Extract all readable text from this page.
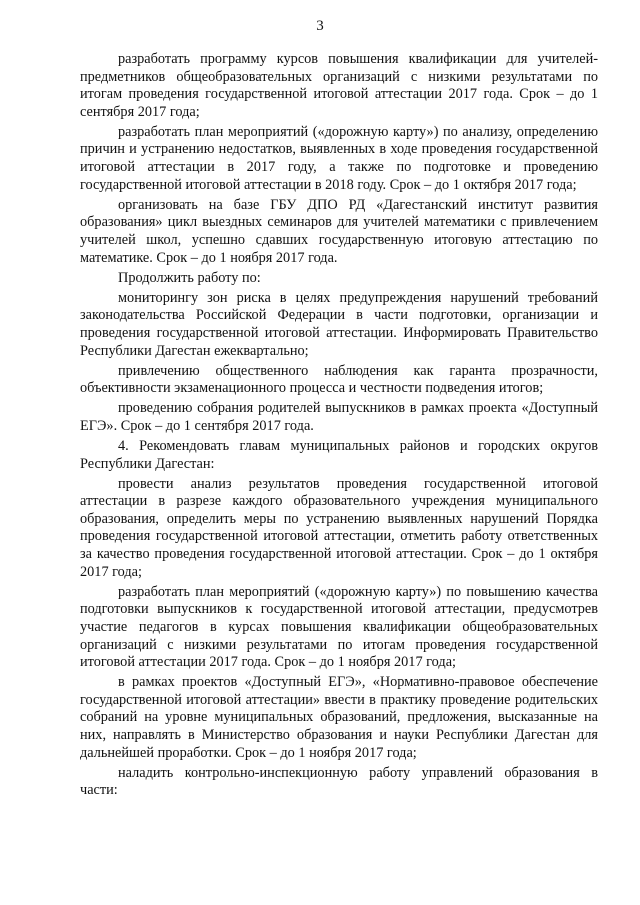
3

разработать программу курсов повышения квалификации для учителей-предметников общеобразовательных организаций с низкими результатами по итогам проведения государственной итоговой аттестации 2017 года. Срок – до 1 сентября 2017 года;

разработать план мероприятий («дорожную карту») по анализу, определению причин и устранению недостатков, выявленных в ходе проведения государственной итоговой аттестации в 2017 году, а также по подготовке и проведению государственной итоговой аттестации в 2018 году. Срок – до 1 октября 2017 года;

организовать на базе ГБУ ДПО РД «Дагестанский институт развития образования» цикл выездных семинаров для учителей математики с привлечением учителей школ, успешно сдавших государственную итоговую аттестацию по математике. Срок – до 1 ноября 2017 года.

Продолжить работу по:

мониторингу зон риска в целях предупреждения нарушений требований законодательства Российской Федерации в части подготовки, организации и проведения государственной итоговой аттестации. Информировать Правительство Республики Дагестан ежеквартально;

привлечению общественного наблюдения как гаранта прозрачности, объективности экзаменационного процесса и честности подведения итогов;

проведению собрания родителей выпускников в рамках проекта «Доступный ЕГЭ». Срок – до 1 сентября 2017 года.

4. Рекомендовать главам муниципальных районов и городских округов Республики Дагестан:

провести анализ результатов проведения государственной итоговой аттестации в разрезе каждого образовательного учреждения муниципального образования, определить меры по устранению выявленных нарушений Порядка проведения государственной итоговой аттестации, отметить работу ответственных за качество проведения государственной итоговой аттестации. Срок – до 1 октября 2017 года;

разработать план мероприятий («дорожную карту») по повышению качества подготовки выпускников к государственной итоговой аттестации, предусмотрев участие педагогов в курсах повышения квалификации общеобразовательных организаций с низкими результатами по итогам проведения государственной итоговой аттестации 2017 года. Срок – до 1 ноября 2017 года;

в рамках проектов «Доступный ЕГЭ», «Нормативно-правовое обеспечение государственной итоговой аттестации» ввести в практику проведение родительских собраний на уровне муниципальных образований, предложения, высказанные на них, направлять в Министерство образования и науки Республики Дагестан для дальнейшей проработки. Срок – до 1 ноября 2017 года;

наладить контрольно-инспекционную работу управлений образования в части:
